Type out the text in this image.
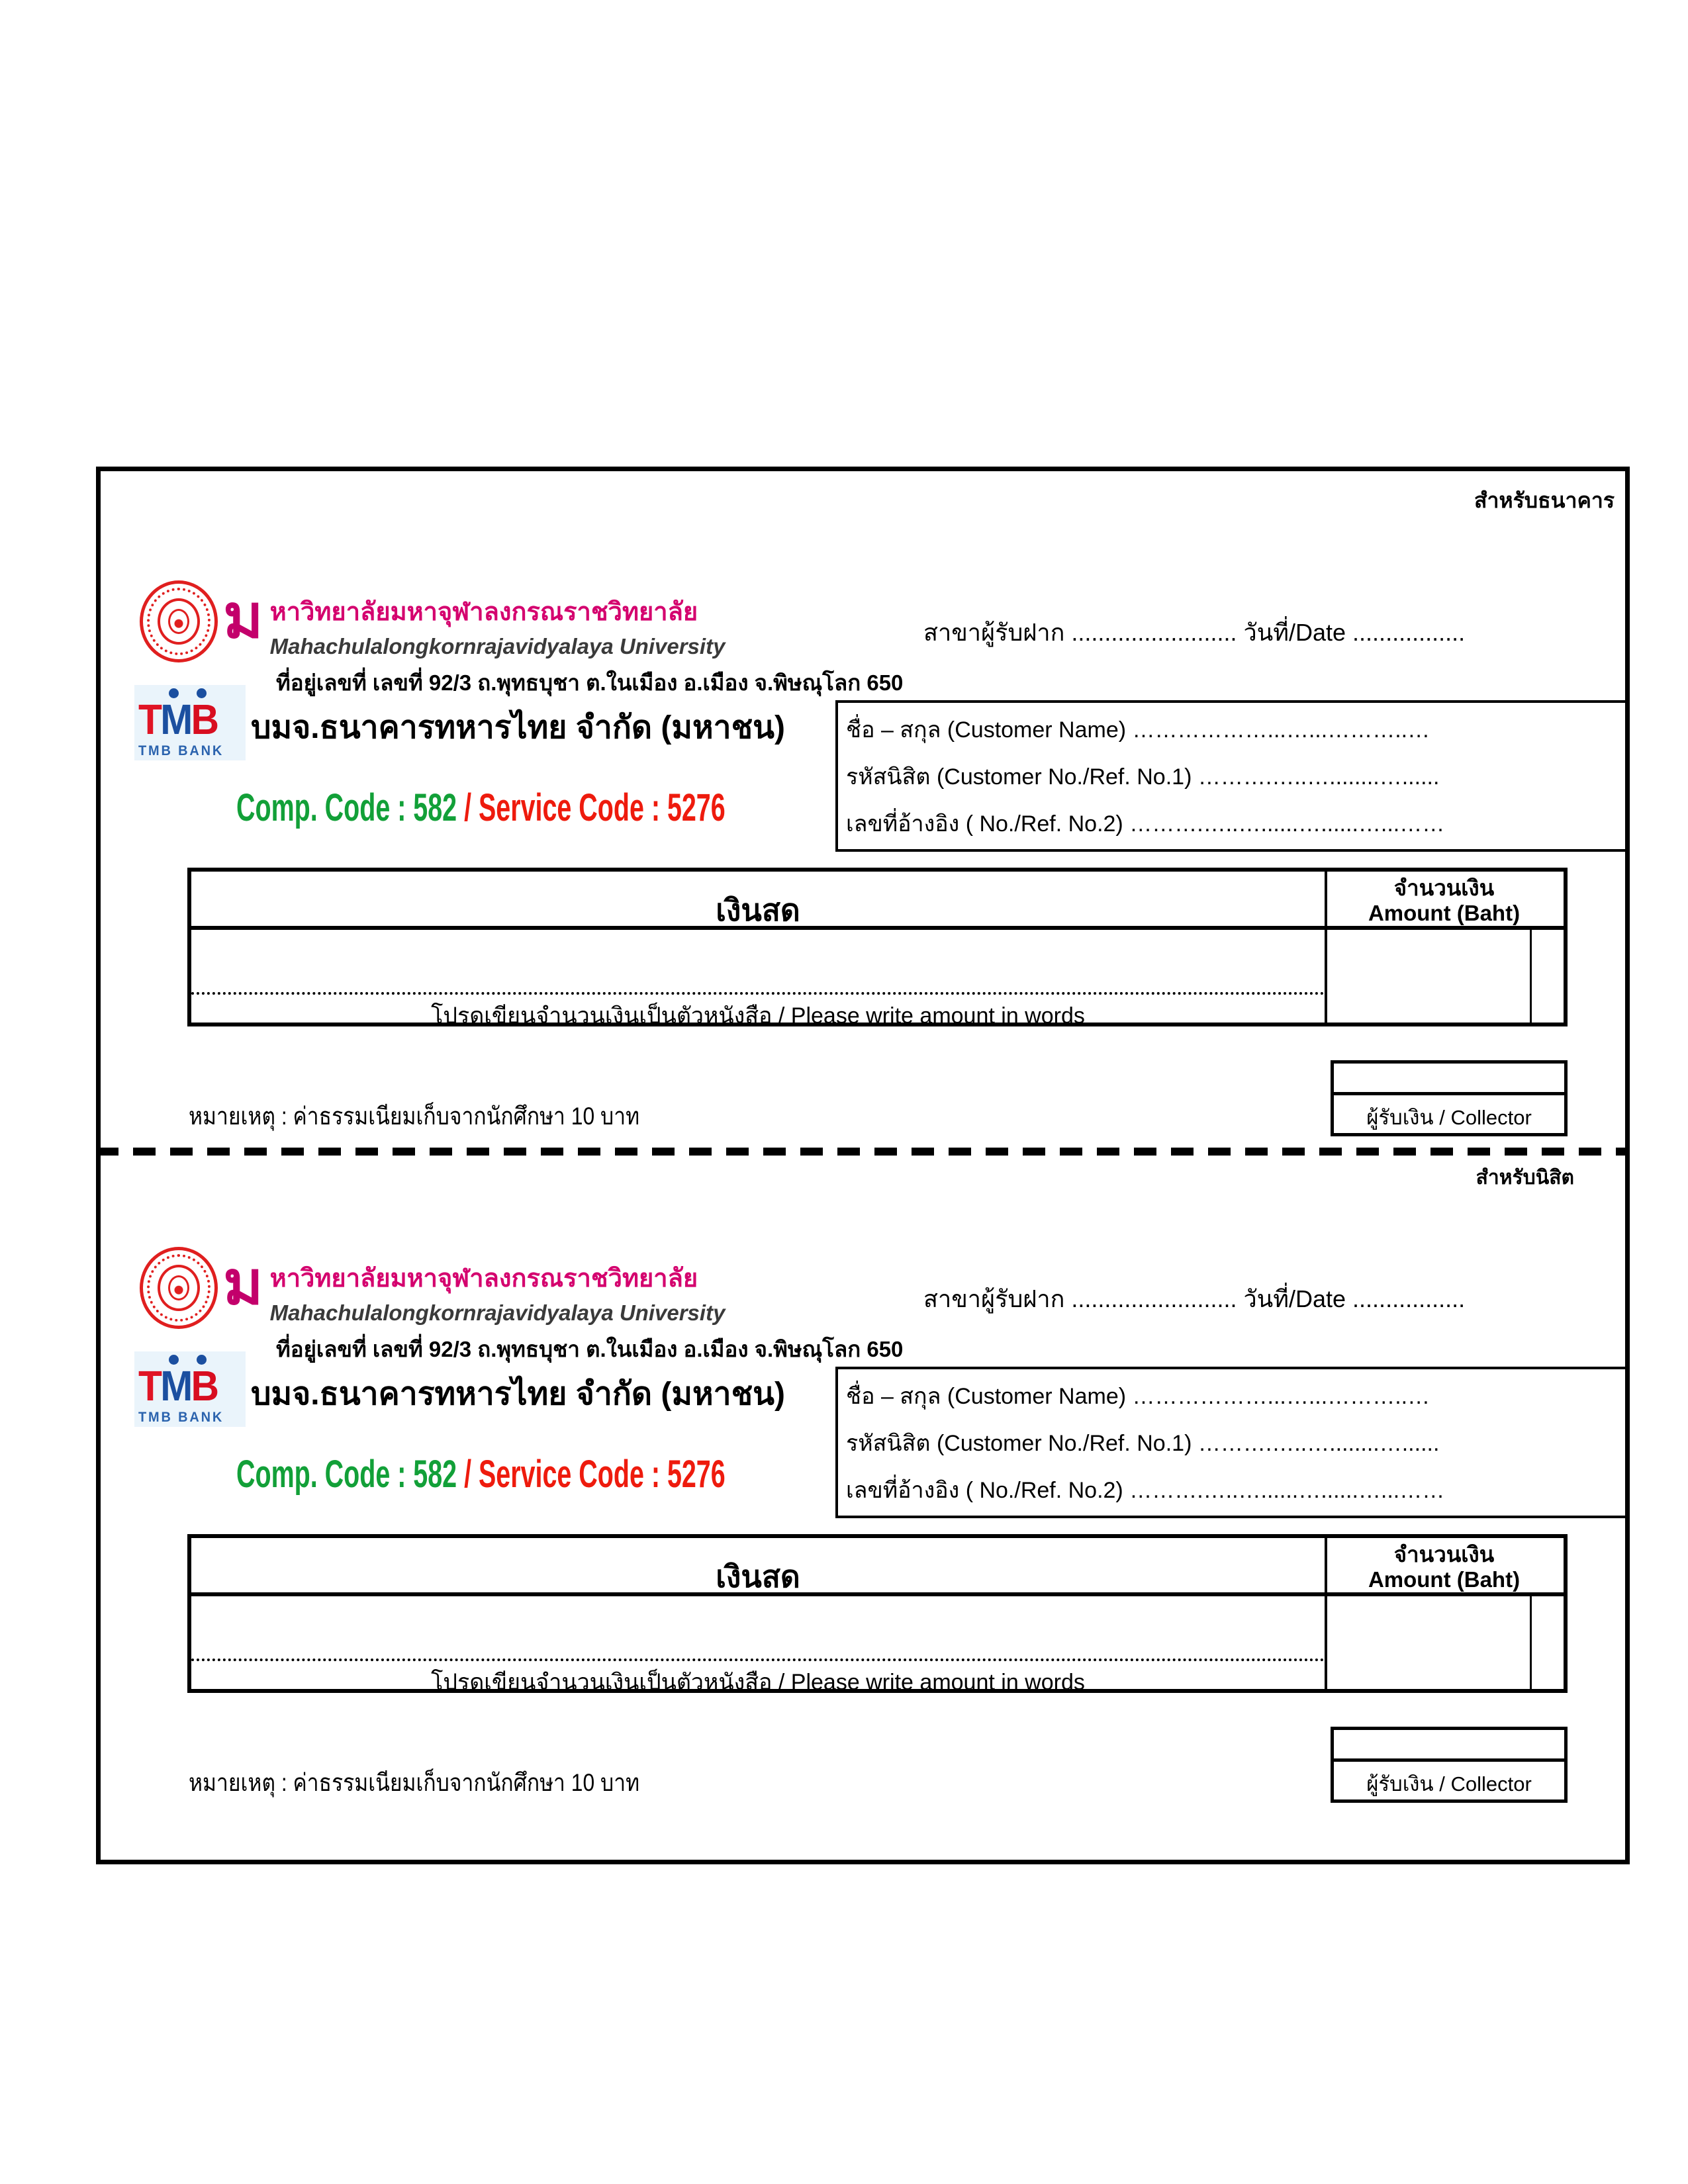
สำหรับธนาคาร
ม หาวิทยาลัยมหาจุฬาลงกรณราชวิทยาลัย
Mahachulalongkornrajavidyalaya University
สาขาผู้รับฝาก ......................... วันที่/Date .................
ที่อยู่เลขที่ เลขที่ 92/3 ถ.พุทธบุชา ต.ในเมือง อ.เมือง จ.พิษณุโลก 650
TMB
TMB BANK
บมจ.ธนาคารทหารไทย จำกัด (มหาชน)	ชื่อ – สกุล (Customer Name) ………………...…...………..…
รหัสนิสิต (Customer No./Ref. No.1) ……….…..…........…......
เลขที่อ้างอิง ( No./Ref. No.2) ……….…..…......…......…...……
Comp. Code : 582 / Service Code : 5276
เงินสด
จำนวนเงิน
Amount (Baht)
โปรดเขียนจำนวนเงินเป็นตัวหนังสือ / Please write amount in words
ผู้รับเงิน / Collector
หมายเหตุ : ค่าธรรมเนียมเก็บจากนักศึกษา 10 บาท
สำหรับนิสิต
ม หาวิทยาลัยมหาจุฬาลงกรณราชวิทยาลัย
Mahachulalongkornrajavidyalaya University
สาขาผู้รับฝาก ......................... วันที่/Date .................
ที่อยู่เลขที่ เลขที่ 92/3 ถ.พุทธบุชา ต.ในเมือง อ.เมือง จ.พิษณุโลก 650
TMB
TMB BANK
บมจ.ธนาคารทหารไทย จำกัด (มหาชน)	ชื่อ – สกุล (Customer Name) ………………...…...………..…
รหัสนิสิต (Customer No./Ref. No.1) ……….…..…........…......
เลขที่อ้างอิง ( No./Ref. No.2) ……….…..…......…......…...……
Comp. Code : 582 / Service Code : 5276
เงินสด
จำนวนเงิน
Amount (Baht)
โปรดเขียนจำนวนเงินเป็นตัวหนังสือ / Please write amount in words
ผู้รับเงิน / Collector
หมายเหตุ : ค่าธรรมเนียมเก็บจากนักศึกษา 10 บาท
